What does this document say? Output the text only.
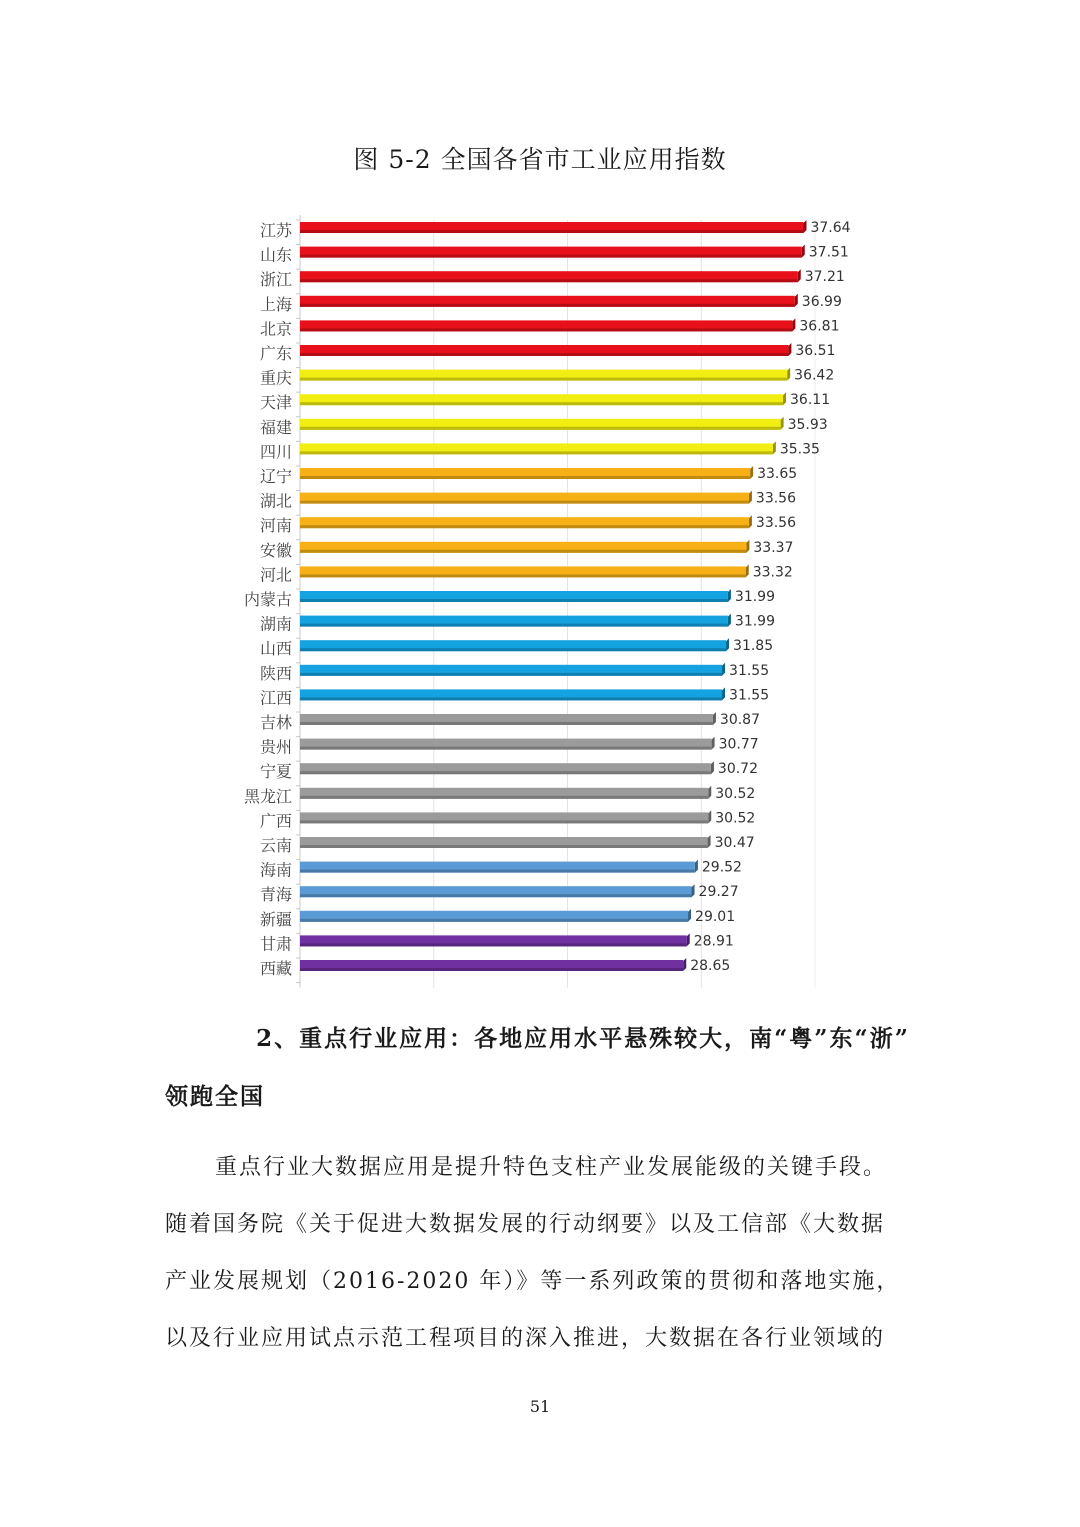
图 5-2 全国各省市工业应用指数
37.64
江苏
37.51
山东
37.21
浙江
36.99
上海
36.81
北京
36.51
广东
36.42
重庆
36.11
天津
35.93
福建
35.35
四川
33.65
辽宁
33.56
湖北
33.56
河南
33.37
安徽
33.32
河北
31.99
内蒙古
31.99
湖南
31.85
山西
31.55
陕西
31.55
江西
30.87
吉林
30.77
贵州
30.72
宁夏
30.52
黑龙江
30.52
广西
30.47
云南
29.52
海南
29.27
青海
29.01
新疆
28.91
甘肃
28.65
西藏
2、重点行业应用：各地应用水平悬殊较大，南“粤”东“浙”
领跑全国
重点行业大数据应用是提升特色支柱产业发展能级的关键手段。
随着国务院《关于促进大数据发展的行动纲要》以及工信部《大数据
产业发展规划（2016-2020 年）》等一系列政策的贯彻和落地实施，
以及行业应用试点示范工程项目的深入推进，大数据在各行业领域的
51
